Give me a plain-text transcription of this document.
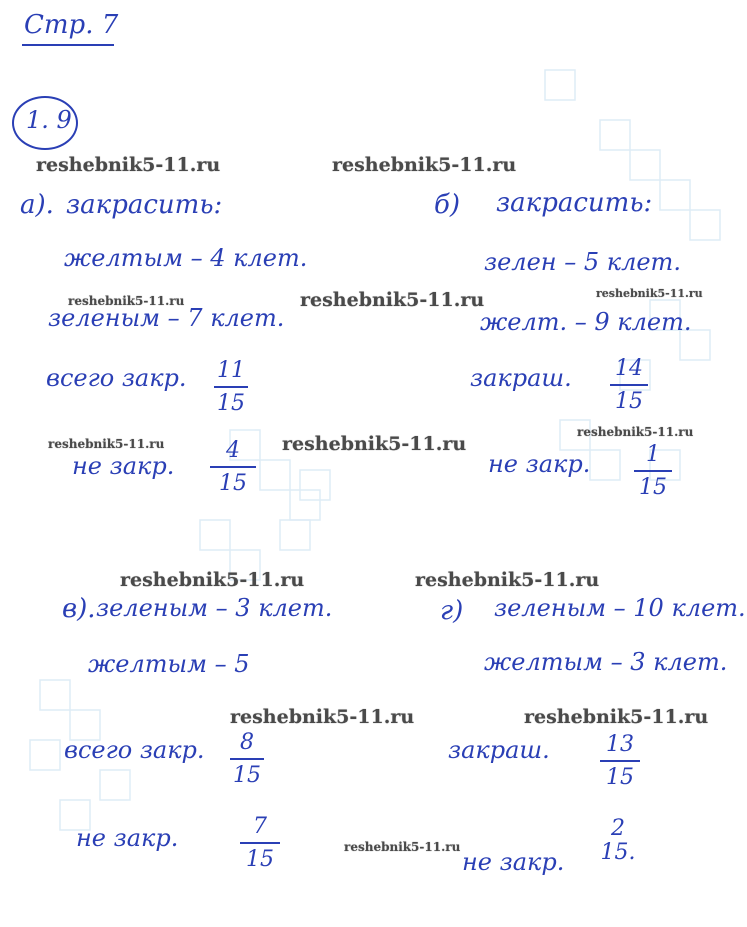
Стр. 7
1. 9
reshebnik5-11.ru	reshebnik5-11.ru
reshebnik5-11.ru	reshebnik5-11.ru	reshebnik5-11.ru
reshebnik5-11.ru	reshebnik5-11.ru
reshebnik5-11.ru
reshebnik5-11.ru	reshebnik5-11.ru
reshebnik5-11.ru	reshebnik5-11.ru
reshebnik5-11.ru
а). закрасить:
желтым – 4 клет.
зеленым – 7 клет.
всего закр. 11
15
не закр.
4
15
б) закрасить:
зелен – 5 клет.
желт. – 9 клет.
закраш. 14
15
не закр.	1
15
в). зеленым – 3 клет.
желтым – 5
всего закр.	8
15
не закр.	7
15
г) зеленым – 10 клет.
желтым – 3 клет.
закраш.	13
15
не закр.
2
15.
